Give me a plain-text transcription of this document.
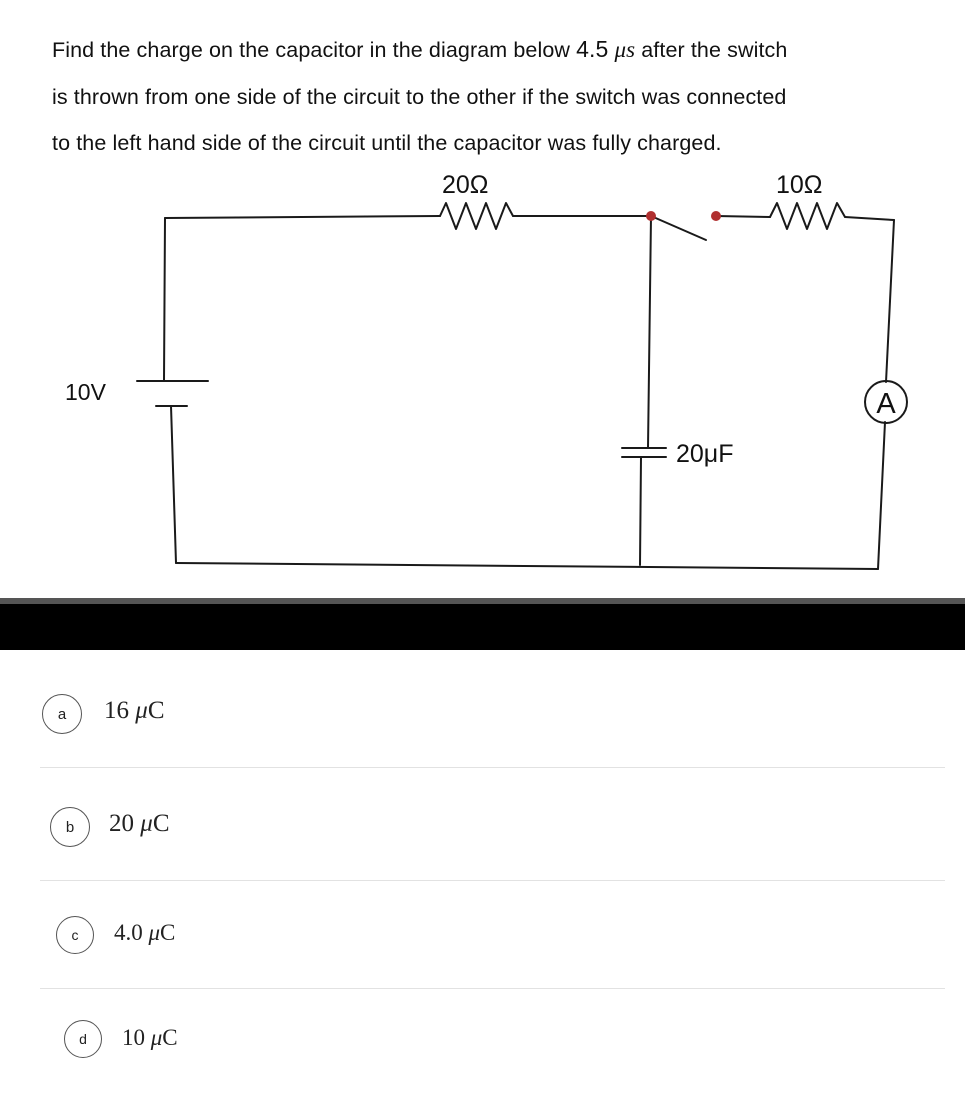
Find the charge on the capacitor in the diagram below 4.5 μs after the switch
is thrown from one side of the circuit to the other if the switch was connected
to the left hand side of the circuit until the capacitor was fully charged.
20Ω	10Ω
10V
20μF
A
a	16 μC
b	20 μC
c	4.0 μC
d	10 μC
